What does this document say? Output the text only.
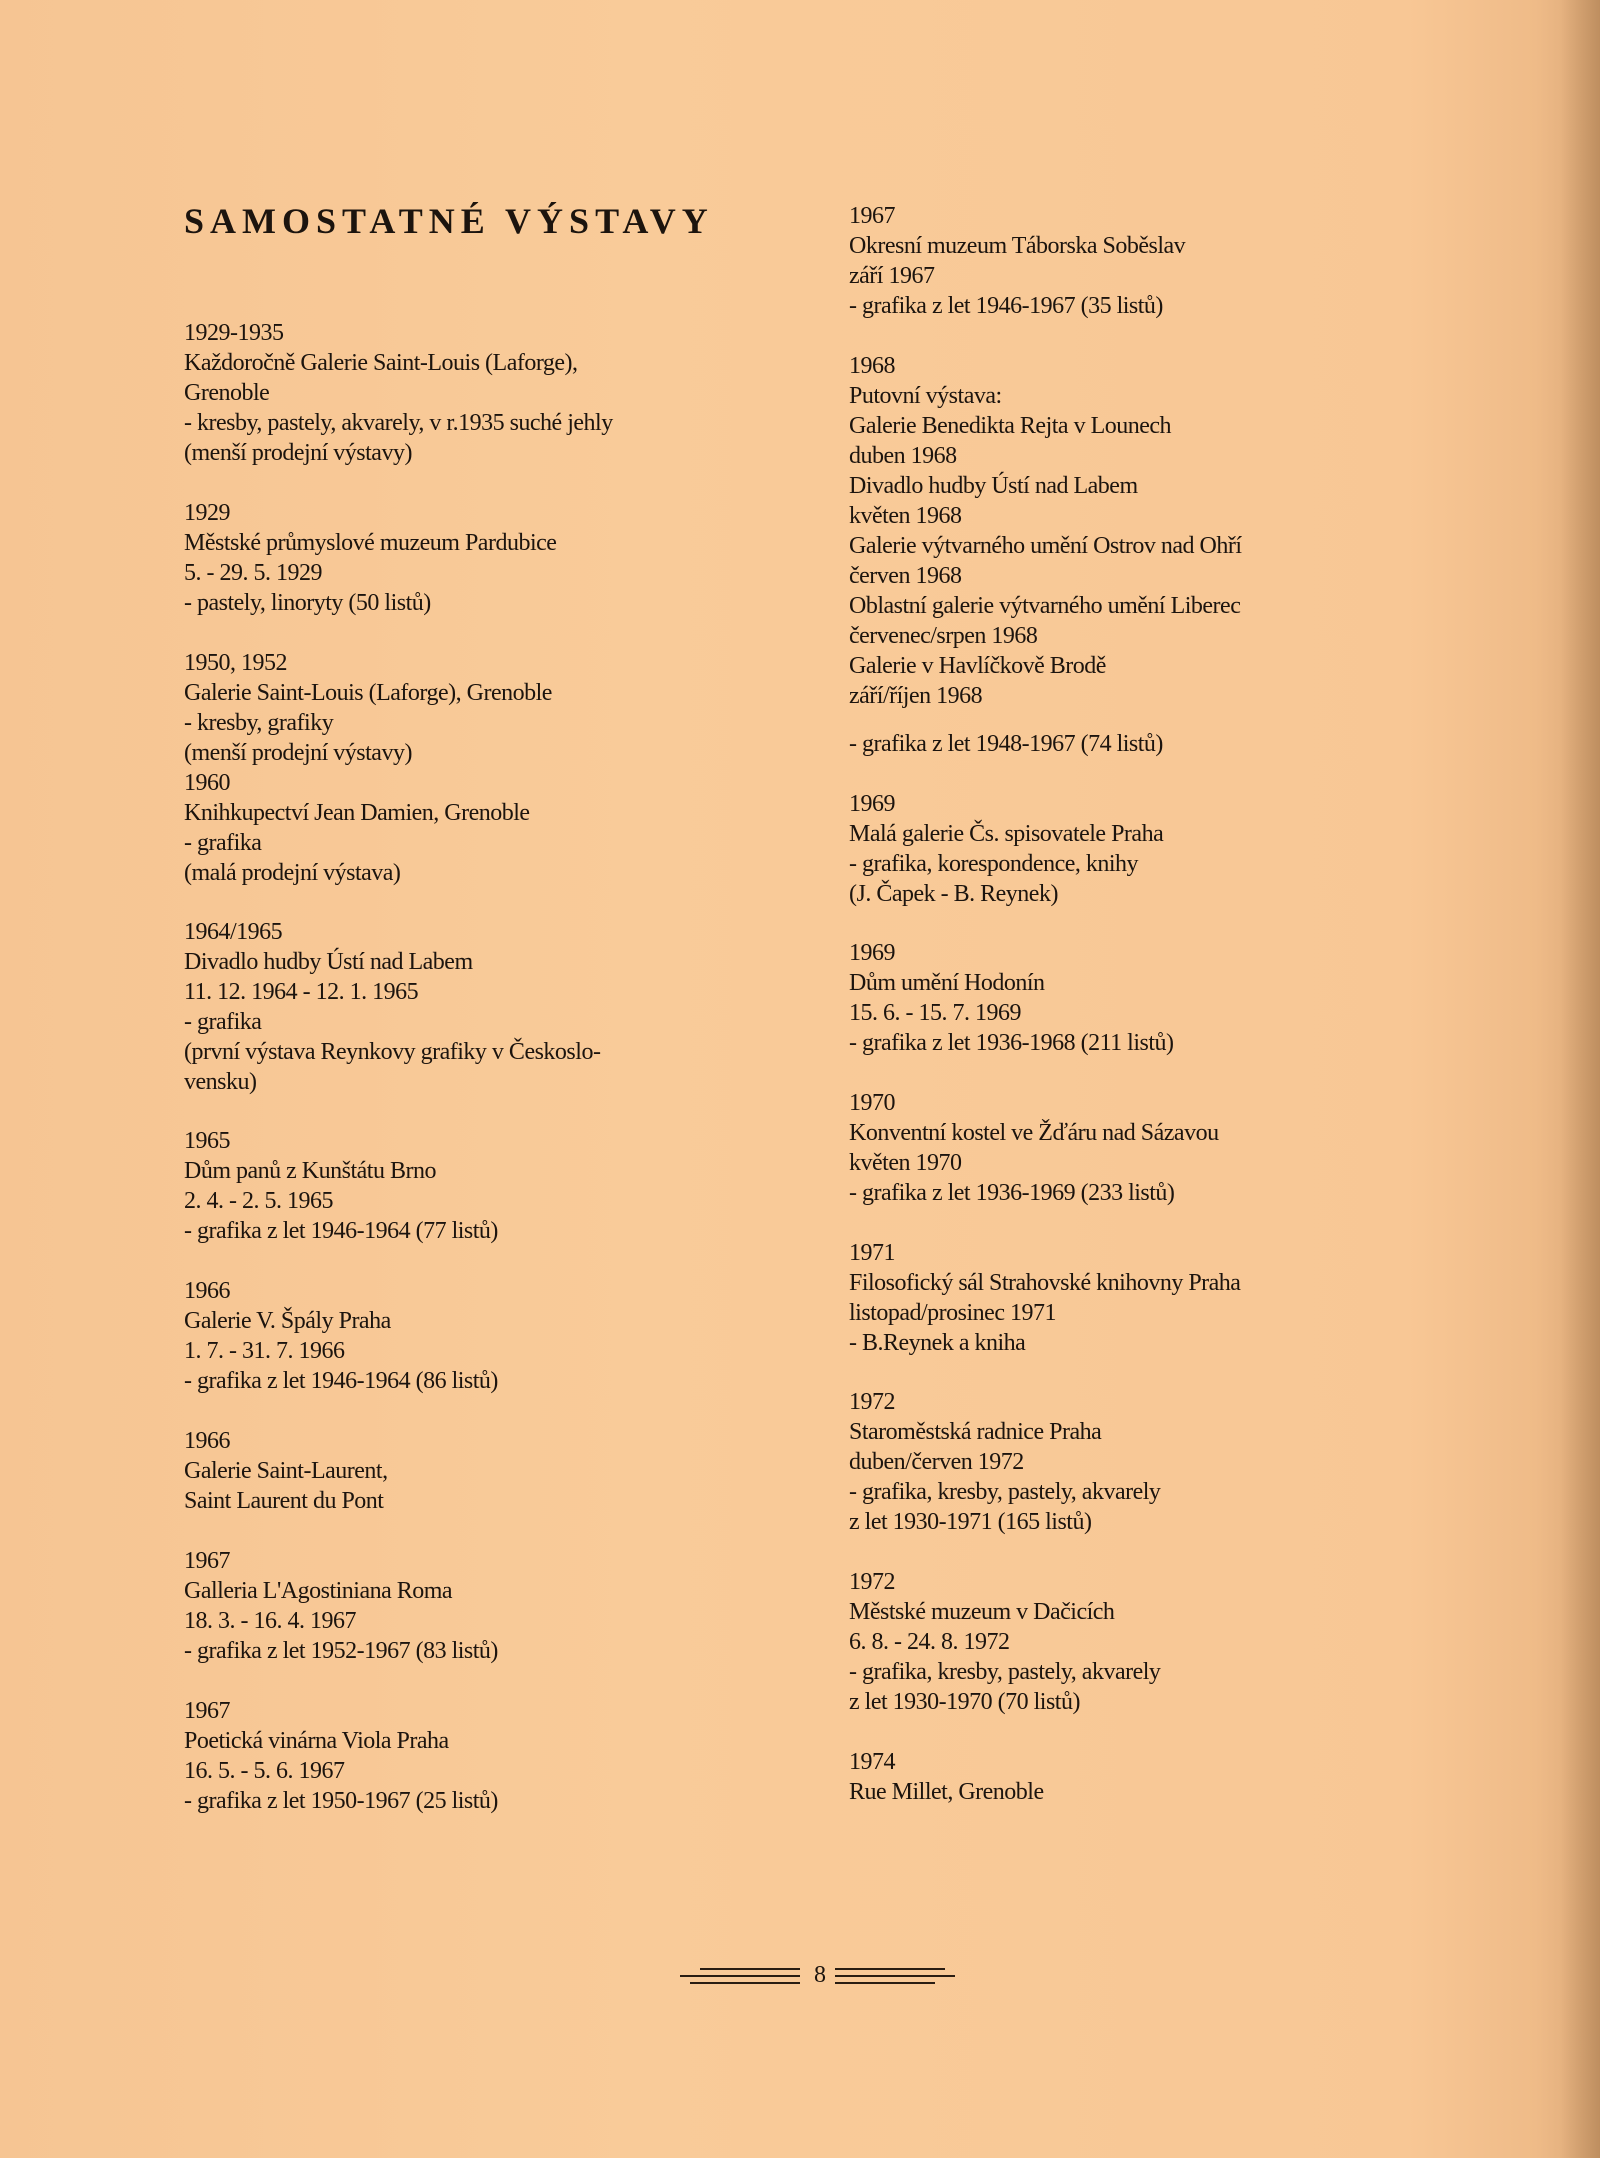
SAMOSTATNÉ VÝSTAVY
1929-1935
Každoročně Galerie Saint-Louis (Laforge),
Grenoble
- kresby, pastely, akvarely, v r.1935 suché jehly
(menší prodejní výstavy)
1929
Městské průmyslové muzeum Pardubice
5. - 29. 5. 1929
- pastely, linoryty (50 listů)
1950, 1952
Galerie Saint-Louis (Laforge), Grenoble
- kresby, grafiky
(menší prodejní výstavy)
1960
Knihkupectví Jean Damien, Grenoble
- grafika
(malá prodejní výstava)
1964/1965
Divadlo hudby Ústí nad Labem
11. 12. 1964 - 12. 1. 1965
- grafika
(první výstava Reynkovy grafiky v Českoslo-
vensku)
1965
Dům panů z Kunštátu Brno
2. 4. - 2. 5. 1965
- grafika z let 1946-1964 (77 listů)
1966
Galerie V. Špály Praha
1. 7. - 31. 7. 1966
- grafika z let 1946-1964 (86 listů)
1966
Galerie Saint-Laurent,
Saint Laurent du Pont
1967
Galleria L'Agostiniana Roma
18. 3. - 16. 4. 1967
- grafika z let 1952-1967 (83 listů)
1967
Poetická vinárna Viola Praha
16. 5. - 5. 6. 1967
- grafika z let 1950-1967 (25 listů)
1967
Okresní muzeum Táborska Soběslav
září 1967
- grafika z let 1946-1967 (35 listů)
1968
Putovní výstava:
Galerie Benedikta Rejta v Lounech
duben 1968
Divadlo hudby Ústí nad Labem
květen 1968
Galerie výtvarného umění Ostrov nad Ohří
červen 1968
Oblastní galerie výtvarného umění Liberec
červenec/srpen 1968
Galerie v Havlíčkově Brodě
září/říjen 1968
- grafika z let 1948-1967 (74 listů)
1969
Malá galerie Čs. spisovatele Praha
- grafika, korespondence, knihy
(J. Čapek - B. Reynek)
1969
Dům umění Hodonín
15. 6. - 15. 7. 1969
- grafika z let 1936-1968 (211 listů)
1970
Konventní kostel ve Žďáru nad Sázavou
květen 1970
- grafika z let 1936-1969 (233 listů)
1971
Filosofický sál Strahovské knihovny Praha
listopad/prosinec 1971
- B.Reynek a kniha
1972
Staroměstská radnice Praha
duben/červen 1972
- grafika, kresby, pastely, akvarely
z let 1930-1971 (165 listů)
1972
Městské muzeum v Dačicích
6. 8. - 24. 8. 1972
- grafika, kresby, pastely, akvarely
z let 1930-1970 (70 listů)
1974
Rue Millet, Grenoble
8
